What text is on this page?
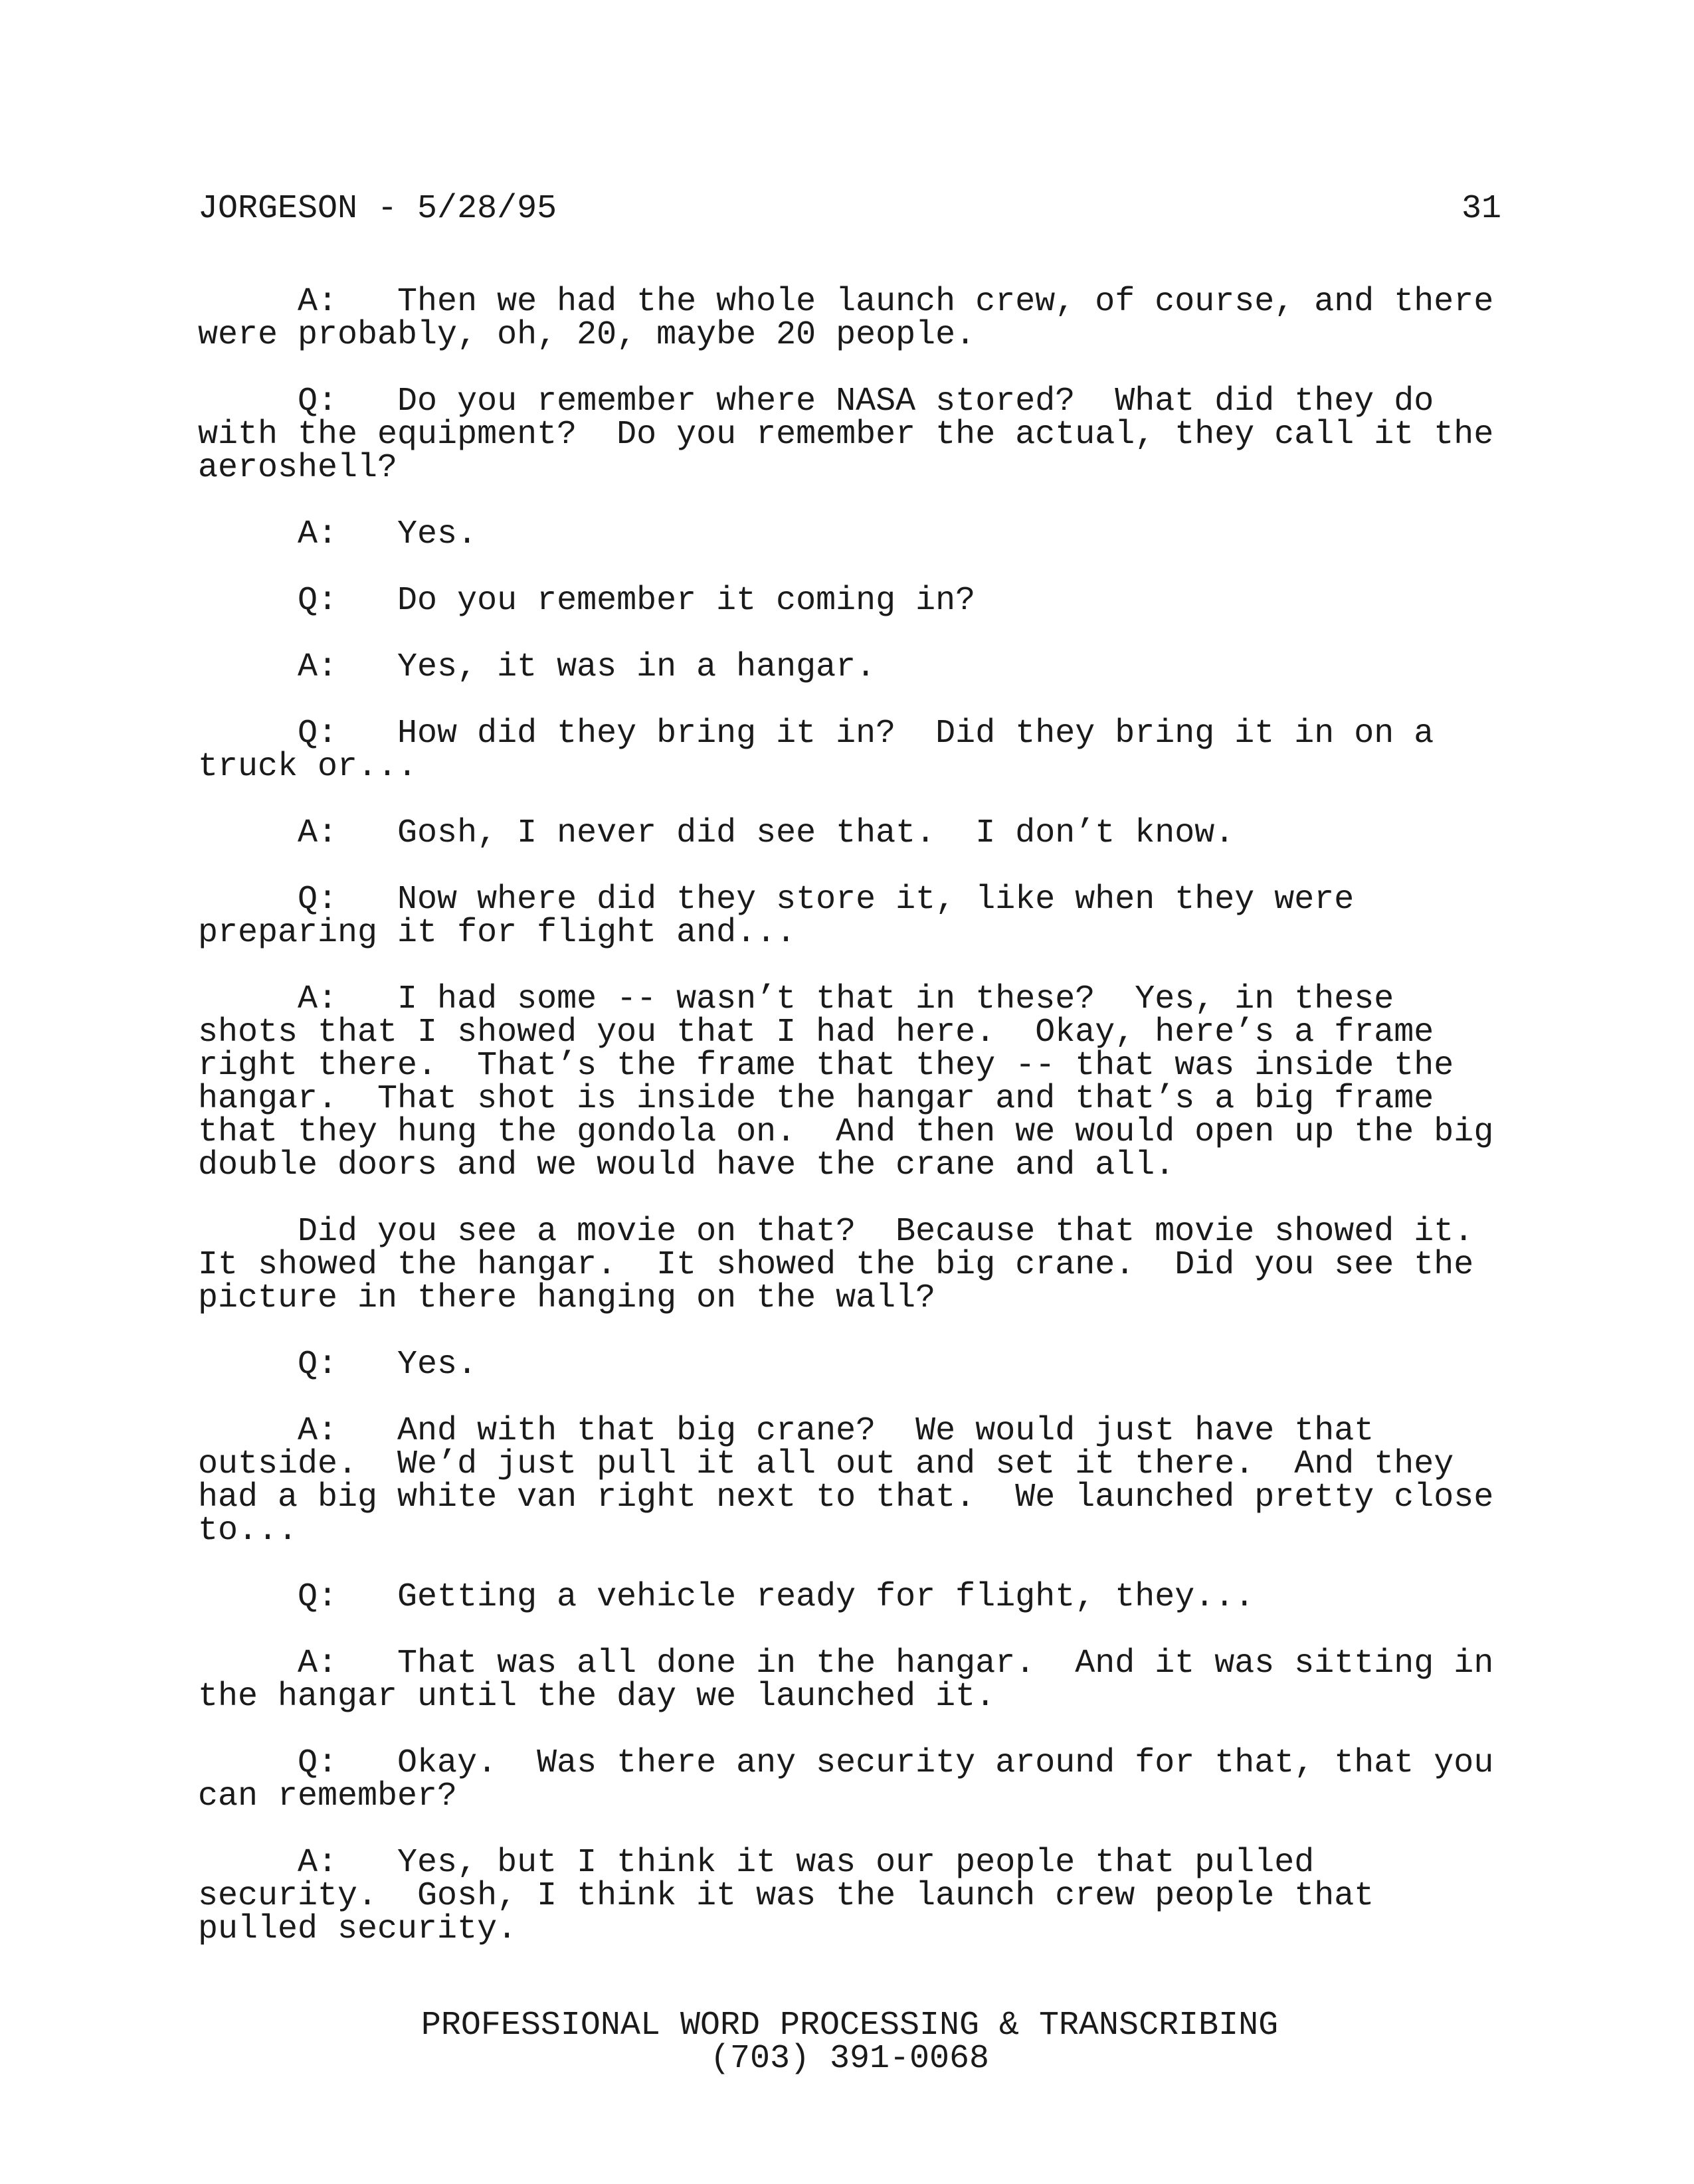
JORGESON - 5/28/95	31
A:   Then we had the whole launch crew, of course, and there
were probably, oh, 20, maybe 20 people.
Q:   Do you remember where NASA stored?  What did they do
with the equipment?  Do you remember the actual, they call it the
aeroshell?
A:   Yes.
Q:   Do you remember it coming in?
A:   Yes, it was in a hangar.
Q:   How did they bring it in?  Did they bring it in on a
truck or...
A:   Gosh, I never did see that.  I don’t know.
Q:   Now where did they store it, like when they were
preparing it for flight and...
A:   I had some -- wasn’t that in these?  Yes, in these
shots that I showed you that I had here.  Okay, here’s a frame
right there.  That’s the frame that they -- that was inside the
hangar.  That shot is inside the hangar and that’s a big frame
that they hung the gondola on.  And then we would open up the big
double doors and we would have the crane and all.
Did you see a movie on that?  Because that movie showed it.
It showed the hangar.  It showed the big crane.  Did you see the
picture in there hanging on the wall?
Q:   Yes.
A:   And with that big crane?  We would just have that
outside.  We’d just pull it all out and set it there.  And they
had a big white van right next to that.  We launched pretty close
to...
Q:   Getting a vehicle ready for flight, they...
A:   That was all done in the hangar.  And it was sitting in
the hangar until the day we launched it.
Q:   Okay.  Was there any security around for that, that you
can remember?
A:   Yes, but I think it was our people that pulled
security.  Gosh, I think it was the launch crew people that
pulled security.
PROFESSIONAL WORD PROCESSING & TRANSCRIBING
(703) 391-0068
